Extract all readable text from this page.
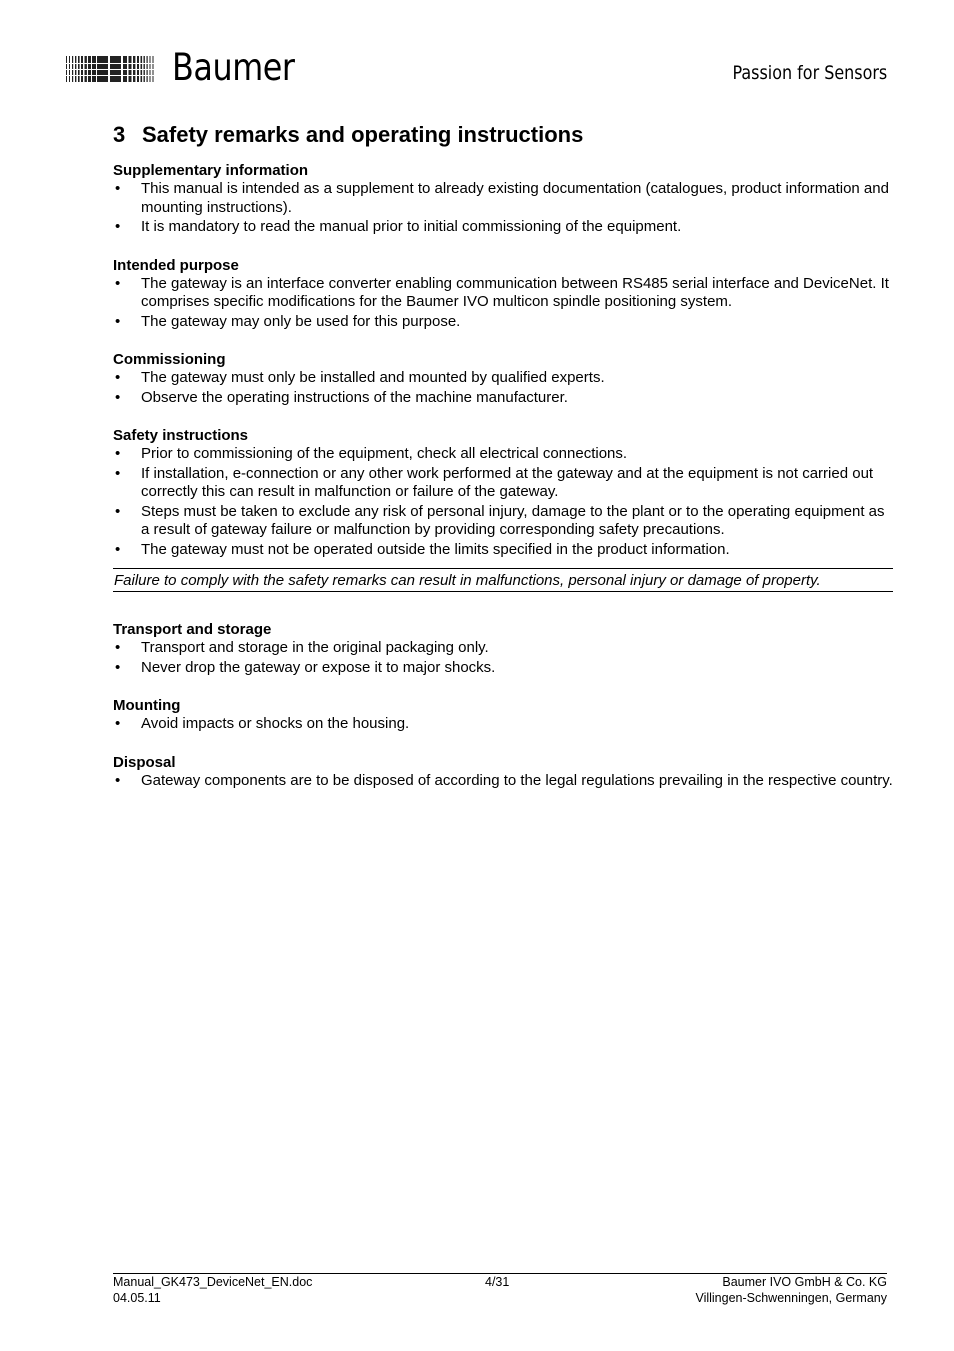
Baumer	Passion for Sensors
3 Safety remarks and operating instructions
Supplementary information
• This manual is intended as a supplement to already existing documentation (catalogues, product information and mounting instructions).
• It is mandatory to read the manual prior to initial commissioning of the equipment.
Intended purpose
• The gateway is an interface converter enabling communication between RS485 serial interface and DeviceNet. It comprises specific modifications for the Baumer IVO multicon spindle positioning system.
• The gateway may only be used for this purpose.
Commissioning
• The gateway must only be installed and mounted by qualified experts.
• Observe the operating instructions of the machine manufacturer.
Safety instructions
• Prior to commissioning of the equipment, check all electrical connections.
• If installation, e-connection or any other work performed at the gateway and at the equipment is not carried out correctly this can result in malfunction or failure of the gateway.
• Steps must be taken to exclude any risk of personal injury, damage to the plant or to the operating equipment as a result of gateway failure or malfunction by providing corresponding safety precautions.
• The gateway must not be operated outside the limits specified in the product information.
Failure to comply with the safety remarks can result in malfunctions, personal injury or damage of property.
Transport and storage
• Transport and storage in the original packaging only.
• Never drop the gateway or expose it to major shocks.
Mounting
• Avoid impacts or shocks on the housing.
Disposal
• Gateway components are to be disposed of according to the legal regulations prevailing in the respective country.
Manual_GK473_DeviceNet_EN.doc
04.05.11
4/31	Baumer IVO GmbH & Co. KG
Villingen-Schwenningen, Germany
